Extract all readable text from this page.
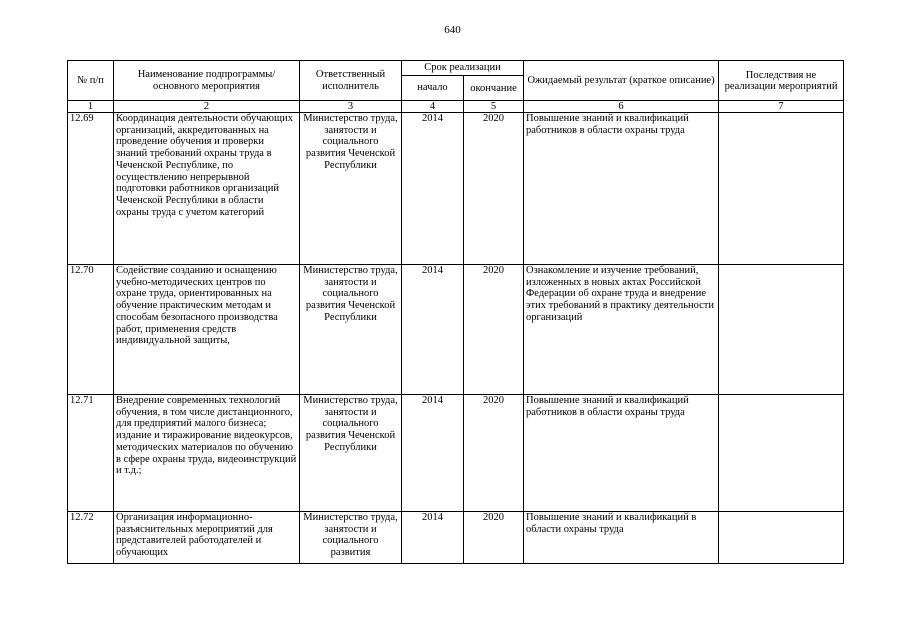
640
№ п/п	Наименование подпрограммы/ основного мероприятия	Ответственный исполнитель	Срок реализации		Ожидаемый результат (краткое описание)	Последствия не реализации мероприятий
			начало	окончание		
1	2	3	4	5	6	7
12.69	Координация деятельности обучающих организаций, аккредитованных на проведение обучения и проверки знаний требований охраны труда в Чеченской Республике, по осуществлению непрерывной подготовки работников организаций Чеченской Республики в области охраны труда с учетом категорий	Министерство труда, занятости и социального развития Чеченской Республики	2014	2020	Повышение знаний и квалификаций работников в области охраны труда	
12.70	Содействие созданию и оснащению учебно-методических центров по охране труда, ориентированных на обучение практическим методам и способам безопасного производства работ, применения средств индивидуальной защиты,	Министерство труда, занятости и социального развития Чеченской Республики	2014	2020	Ознакомление и изучение требований, изложенных в новых актах Российской Федерации об охране труда и внедрение этих требований в практику деятельности организаций	
12.71	Внедрение современных технологий обучения, в том числе дистанционного, для предприятий малого бизнеса; издание и тиражирование видеокурсов, методических материалов по обучению в сфере охраны труда, видеоинструкций и т.д.;	Министерство труда, занятости и социального развития Чеченской Республики	2014	2020	Повышение знаний и квалификаций работников в области охраны труда	
12.72	Организация информационно-разъяснительных мероприятий для представителей работодателей и обучающих	Министерство труда, занятости и социального развития	2014	2020	Повышение знаний и квалификаций в области охраны труда	
